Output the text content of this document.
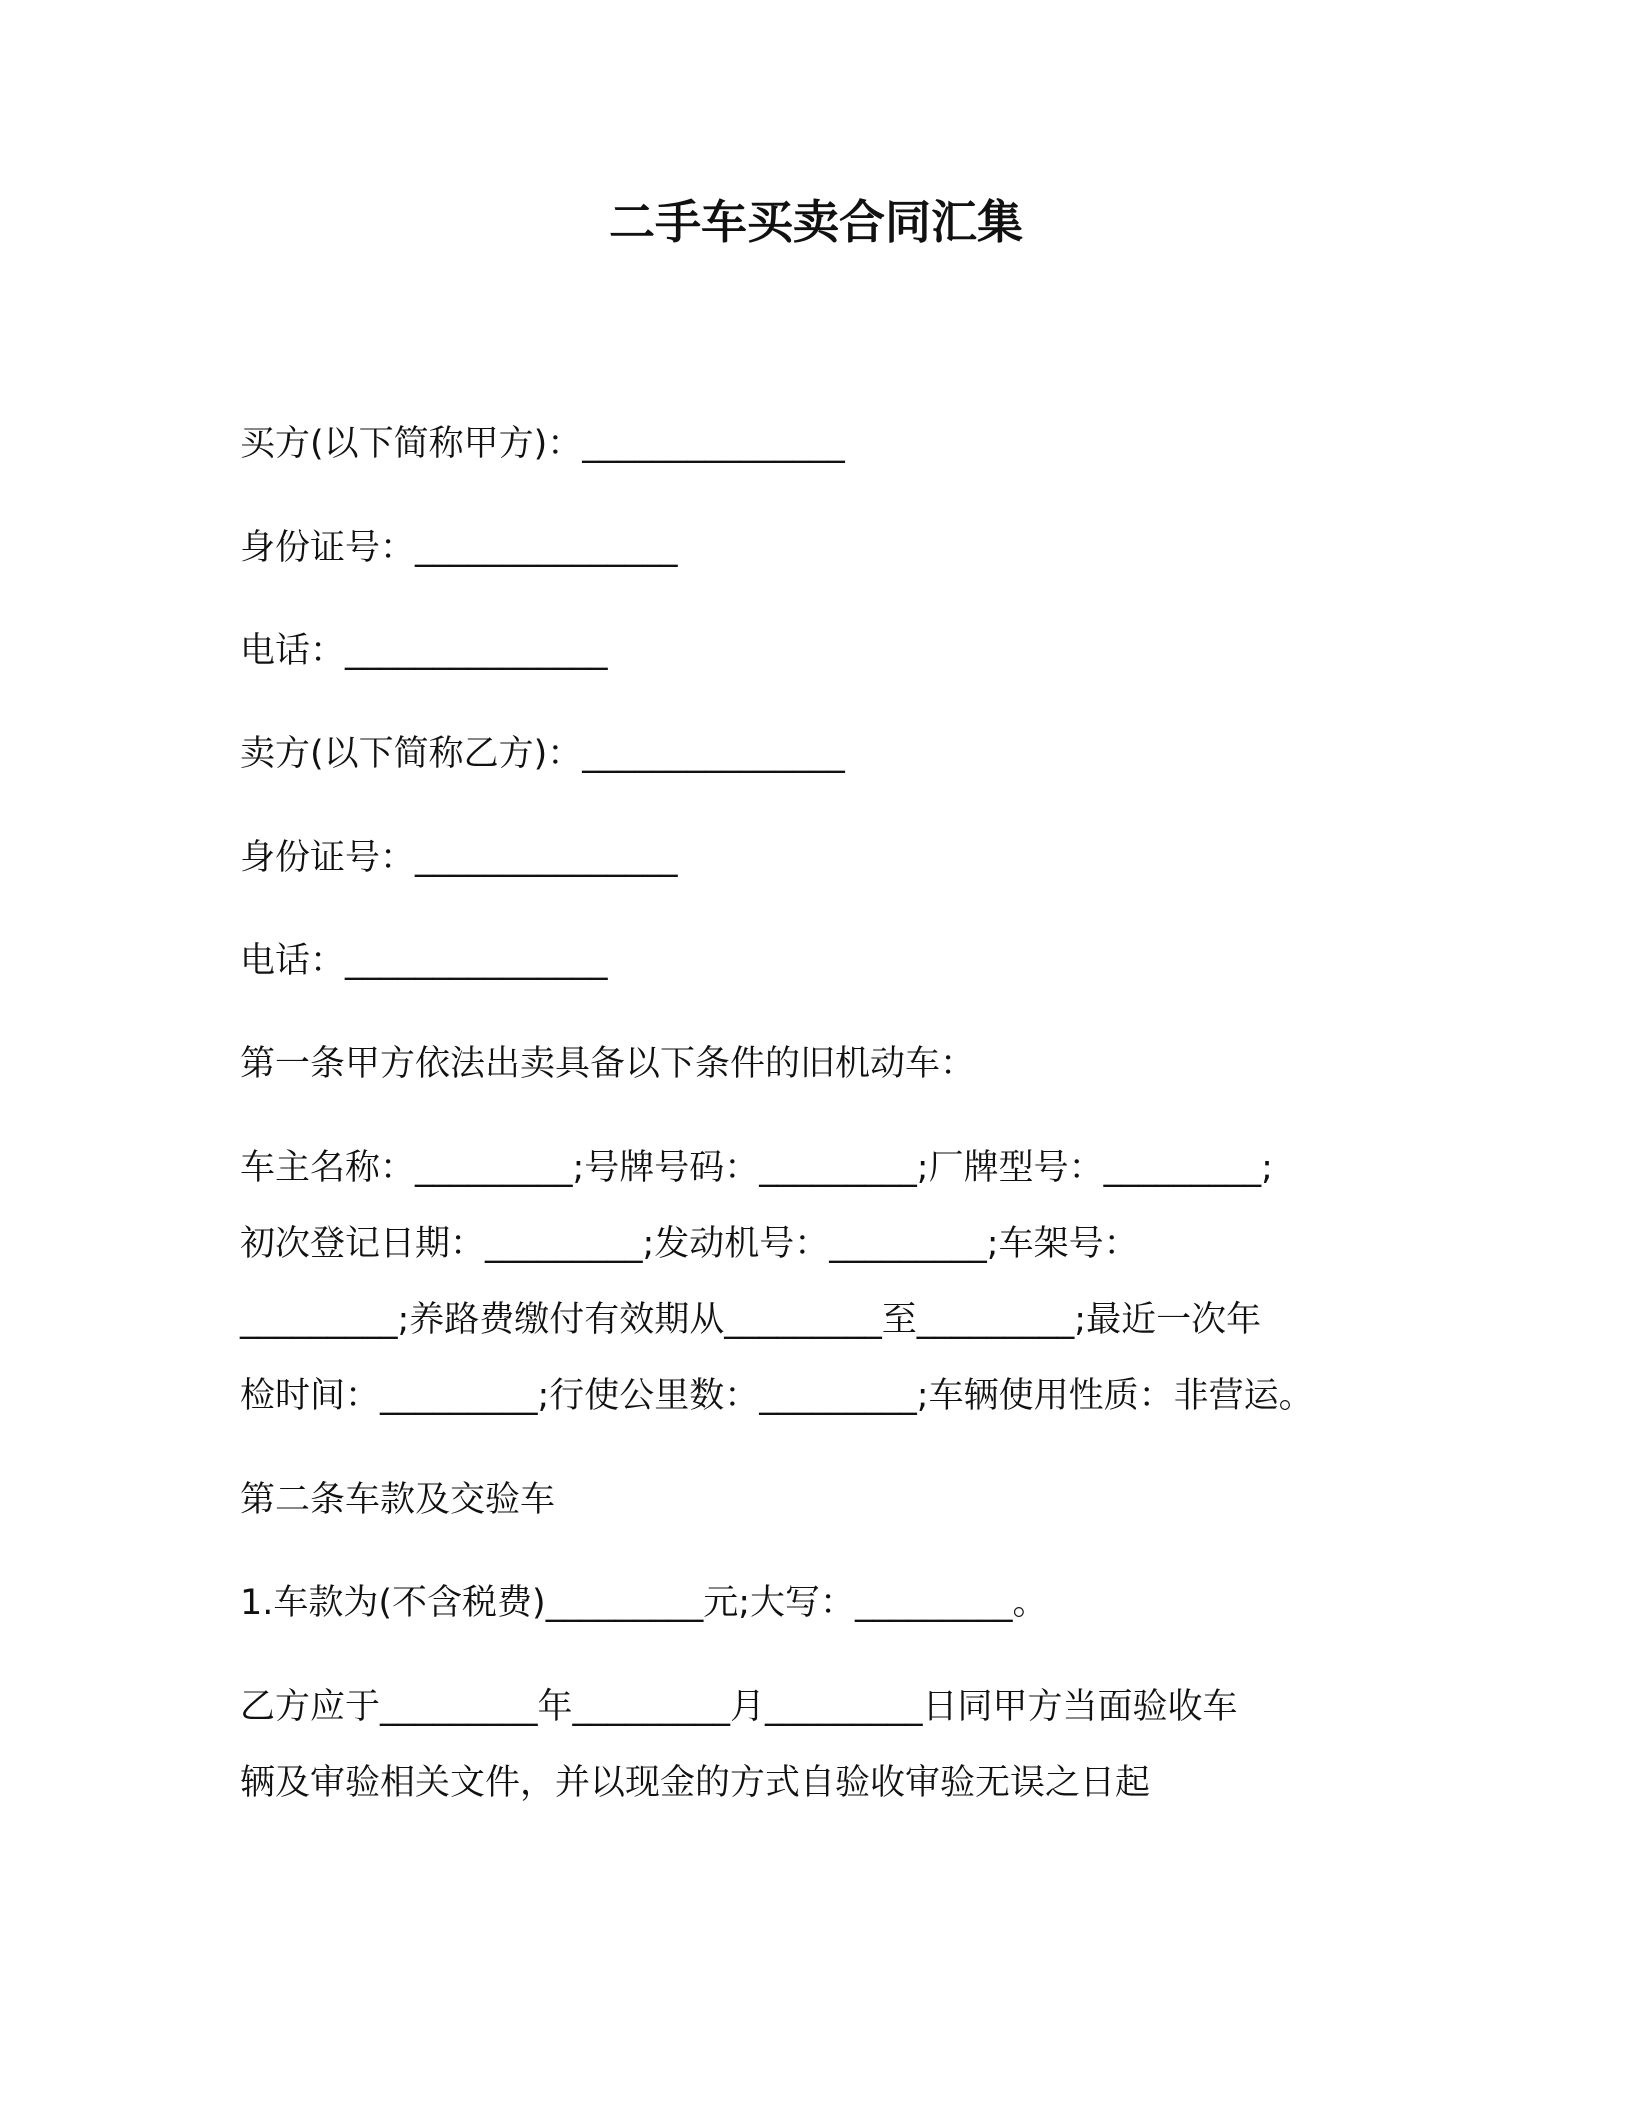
二手车买卖合同汇集
买方(以下简称甲方)：_______________
身份证号：_______________
电话：_______________
卖方(以下简称乙方)：_______________
身份证号：_______________
电话：_______________
第一条甲方依法出卖具备以下条件的旧机动车：
车主名称：_________;号牌号码：_________;厂牌型号：_________;
初次登记日期：_________;发动机号：_________;车架号：
_________;养路费缴付有效期从_________至_________;最近一次年
检时间：_________;行使公里数：_________;车辆使用性质：非营运。
第二条车款及交验车
1.车款为(不含税费)_________元;大写：_________。
乙方应于_________年_________月_________日同甲方当面验收车
辆及审验相关文件，并以现金的方式自验收审验无误之日起
